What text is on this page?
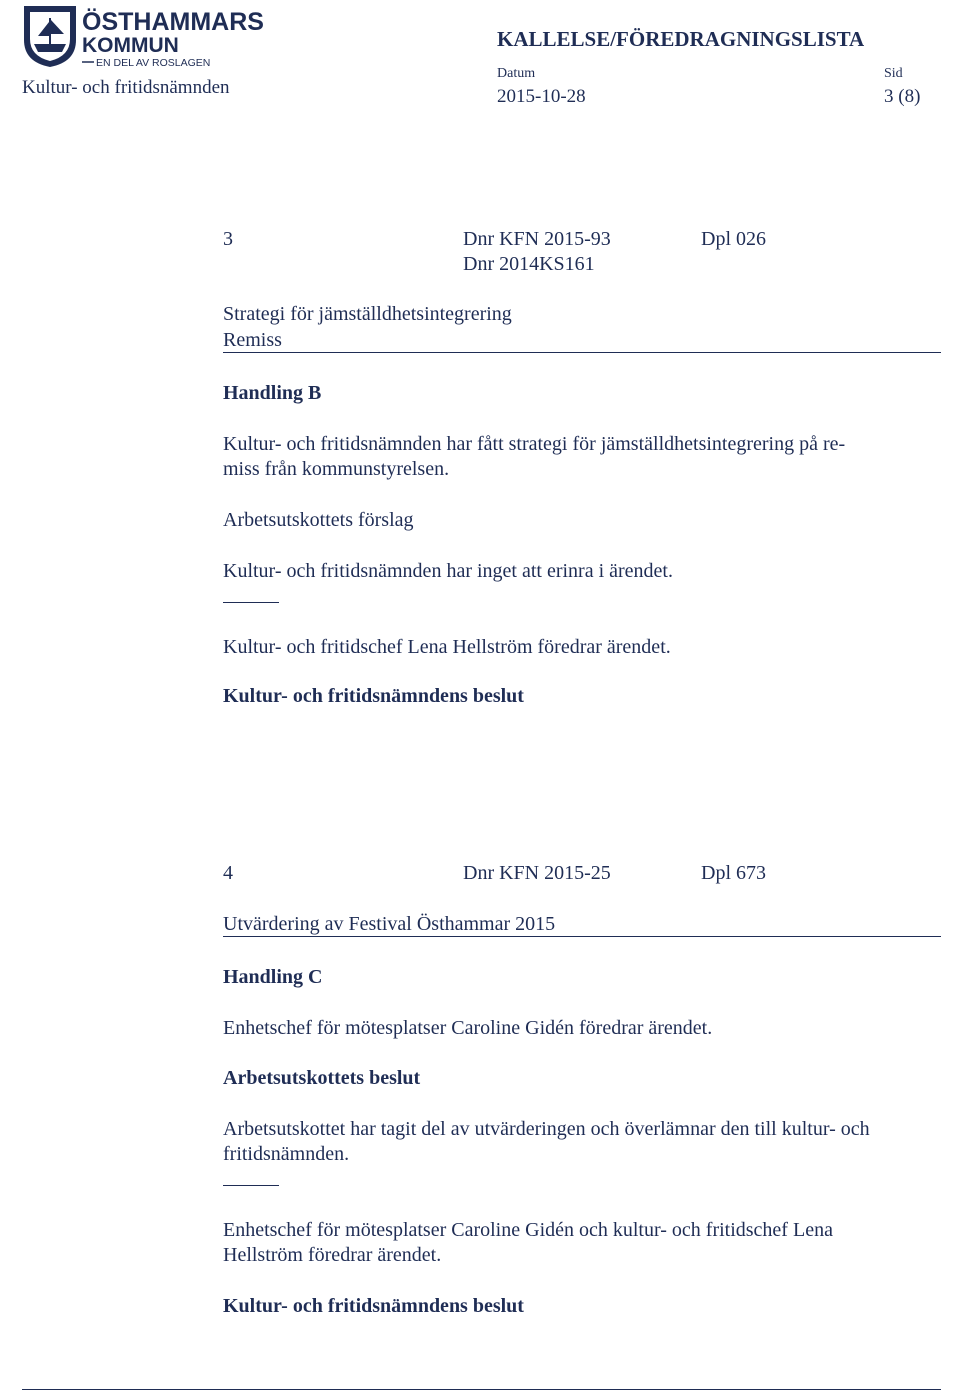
ÖSTHAMMARS
KOMMUN
EN DEL AV ROSLAGEN
KALLELSE/FÖREDRAGNINGSLISTA
Kultur- och fritidsnämnden
Datum
2015-10-28
Sid
3 (8)
3	Dnr KFN 2015-93	Dpl 026
Dnr 2014KS161
Strategi för jämställdhetsintegrering
Remiss
Handling B
Kultur- och fritidsnämnden har fått strategi för jämställdhetsintegrering på re-
miss från kommunstyrelsen.
Arbetsutskottets förslag
Kultur- och fritidsnämnden har inget att erinra i ärendet.
Kultur- och fritidschef Lena Hellström föredrar ärendet.
Kultur- och fritidsnämndens beslut
4	Dnr KFN 2015-25	Dpl 673
Utvärdering av Festival Östhammar 2015
Handling C
Enhetschef för mötesplatser Caroline Gidén föredrar ärendet.
Arbetsutskottets beslut
Arbetsutskottet har tagit del av utvärderingen och överlämnar den till kultur- och
fritidsnämnden.
Enhetschef för mötesplatser Caroline Gidén och kultur- och fritidschef Lena
Hellström föredrar ärendet.
Kultur- och fritidsnämndens beslut
